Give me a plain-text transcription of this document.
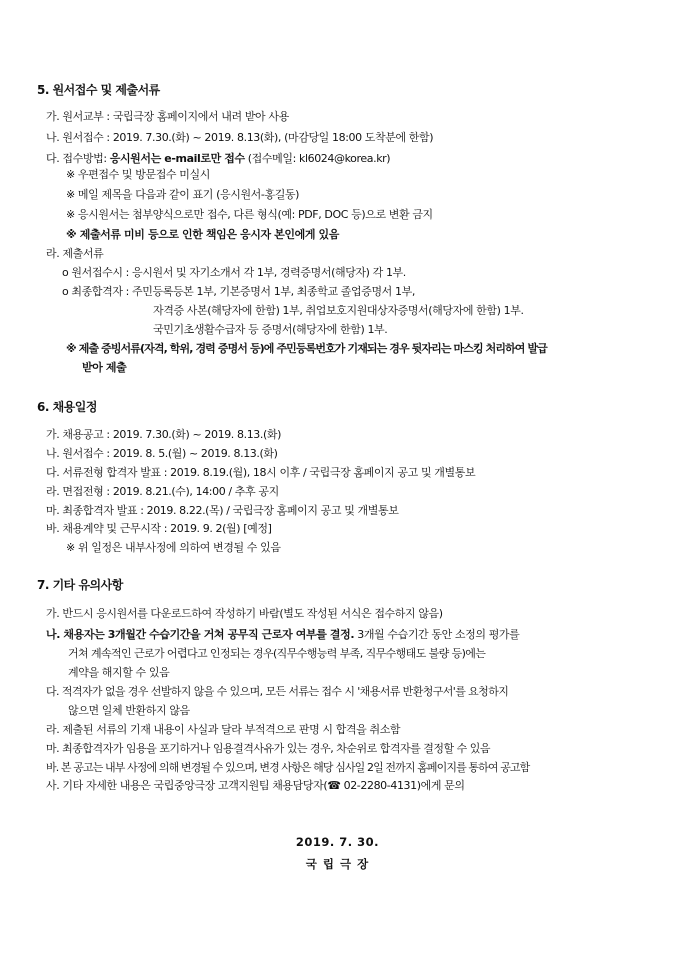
5. 원서접수 및 제출서류
가. 원서교부 : 국립극장 홈페이지에서 내려 받아 사용
나. 원서접수 : 2019. 7.30.(화) ~ 2019. 8.13(화), (마감당일 18:00 도착분에 한함)
다. 접수방법: 응시원서는 e-mail로만 접수 (접수메일: kl6024@korea.kr)
※ 우편접수 및 방문접수 미실시
※ 메일 제목을 다음과 같이 표기 (응시원서-홍길동)
※ 응시원서는 첨부양식으로만 접수, 다른 형식(예: PDF, DOC 등)으로 변환 금지
※ 제출서류 미비 등으로 인한 책임은 응시자 본인에게 있음
라. 제출서류
o 원서접수시 : 응시원서 및 자기소개서 각 1부, 경력증명서(해당자) 각 1부.
o 최종합격자 : 주민등록등본 1부, 기본증명서 1부, 최종학교 졸업증명서 1부,
자격증 사본(해당자에 한함) 1부, 취업보호지원대상자증명서(해당자에 한함) 1부.
국민기초생활수급자 등 증명서(해당자에 한함) 1부.
※ 제출 증빙서류(자격, 학위, 경력 증명서 등)에 주민등록번호가 기재되는 경우 뒷자리는 마스킹 처리하여 발급
받아 제출
6. 채용일정
가. 채용공고 : 2019. 7.30.(화) ~ 2019. 8.13.(화)
나. 원서접수 : 2019. 8. 5.(월) ~ 2019. 8.13.(화)
다. 서류전형 합격자 발표 : 2019. 8.19.(월), 18시 이후 / 국립극장 홈페이지 공고 및 개별통보
라. 면접전형 : 2019. 8.21.(수), 14:00 / 추후 공지
마. 최종합격자 발표 : 2019. 8.22.(목) / 국립극장 홈페이지 공고 및 개별통보
바. 채용계약 및 근무시작 : 2019. 9. 2(월) [예정]
※ 위 일정은 내부사정에 의하여 변경될 수 있음
7. 기타 유의사항
가. 반드시 응시원서를 다운로드하여 작성하기 바람(별도 작성된 서식은 접수하지 않음)
나. 채용자는 3개월간 수습기간을 거쳐 공무직 근로자 여부를 결정. 3개월 수습기간 동안 소정의 평가를
거쳐 계속적인 근로가 어렵다고 인정되는 경우(직무수행능력 부족, 직무수행태도 불량 등)에는
계약을 해지할 수 있음
다. 적격자가 없을 경우 선발하지 않을 수 있으며, 모든 서류는 접수 시 '채용서류 반환청구서'를 요청하지
않으면 일체 반환하지 않음
라. 제출된 서류의 기재 내용이 사실과 달라 부적격으로 판명 시 합격을 취소함
마. 최종합격자가 임용을 포기하거나 임용결격사유가 있는 경우, 차순위로 합격자를 결정할 수 있음
바. 본 공고는 내부 사정에 의해 변경될 수 있으며, 변경 사항은 해당 심사일 2일 전까지 홈페이지를 통하여 공고함
사. 기타 자세한 내용은 국립중앙극장 고객지원팀 채용담당자(☎ 02-2280-4131)에게 문의
2019. 7. 30.
국 립 극 장
